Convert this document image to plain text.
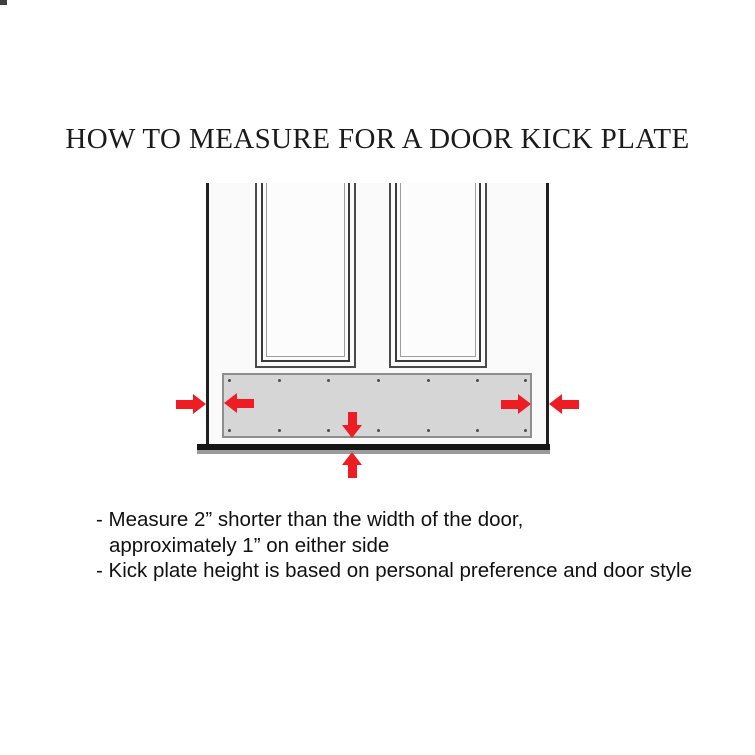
HOW TO MEASURE FOR A DOOR KICK PLATE
- Measure 2” shorter than the width of the door,
approximately 1” on either side
- Kick plate height is based on personal preference and door style
